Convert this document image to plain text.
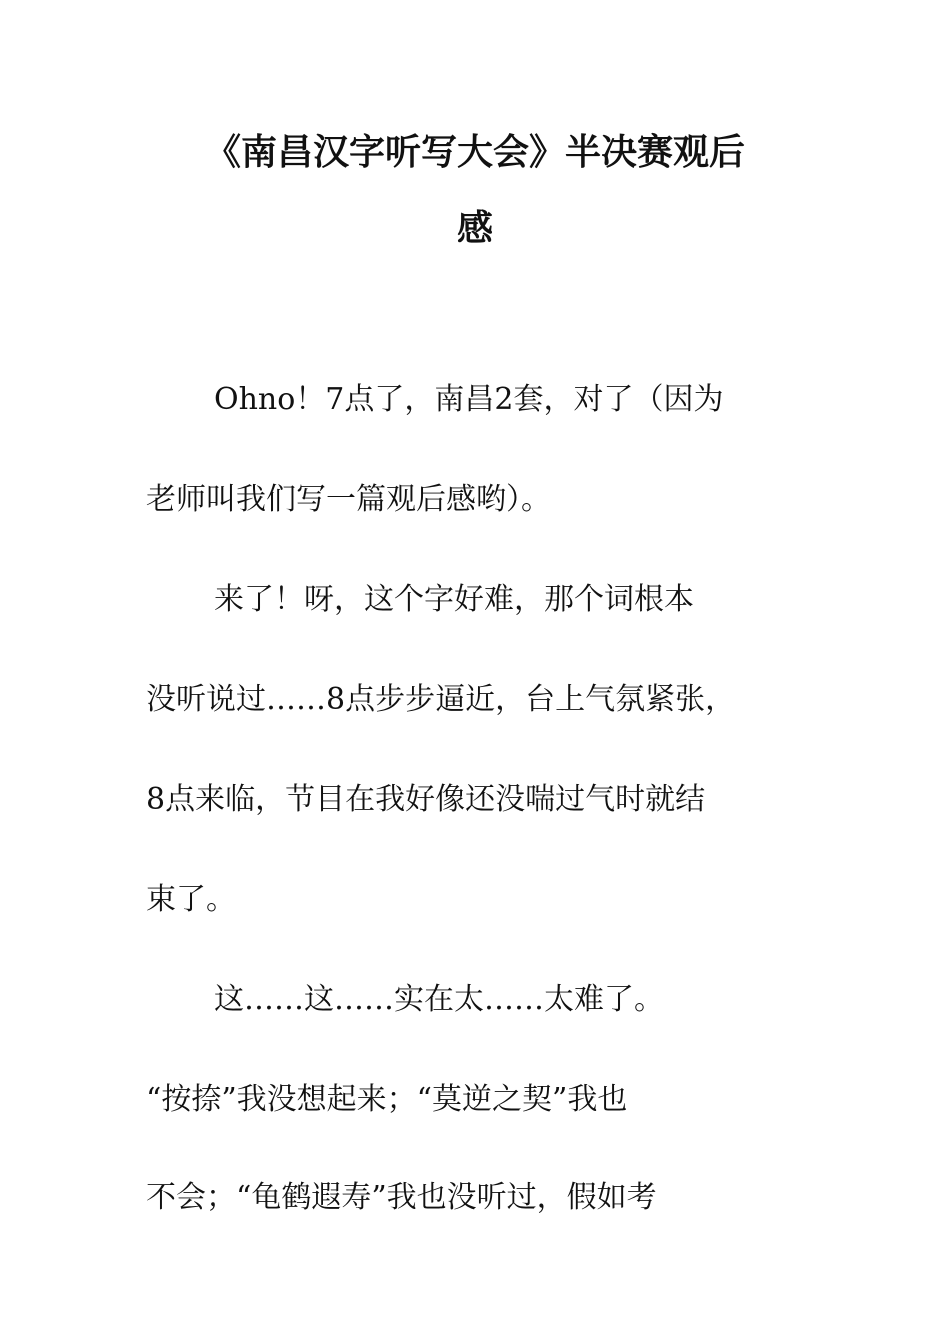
《南昌汉字听写大会》半决赛观后
感
Ohno！7点了，南昌2套，对了（因为
老师叫我们写一篇观后感哟）。
来了！呀，这个字好难，那个词根本
没听说过……8点步步逼近，台上气氛紧张，
8点来临，节目在我好像还没喘过气时就结
束了。
这……这……实在太……太难了。
“按捺”我没想起来；“莫逆之契”我也
不会；“龟鹤遐寿”我也没听过，假如考
